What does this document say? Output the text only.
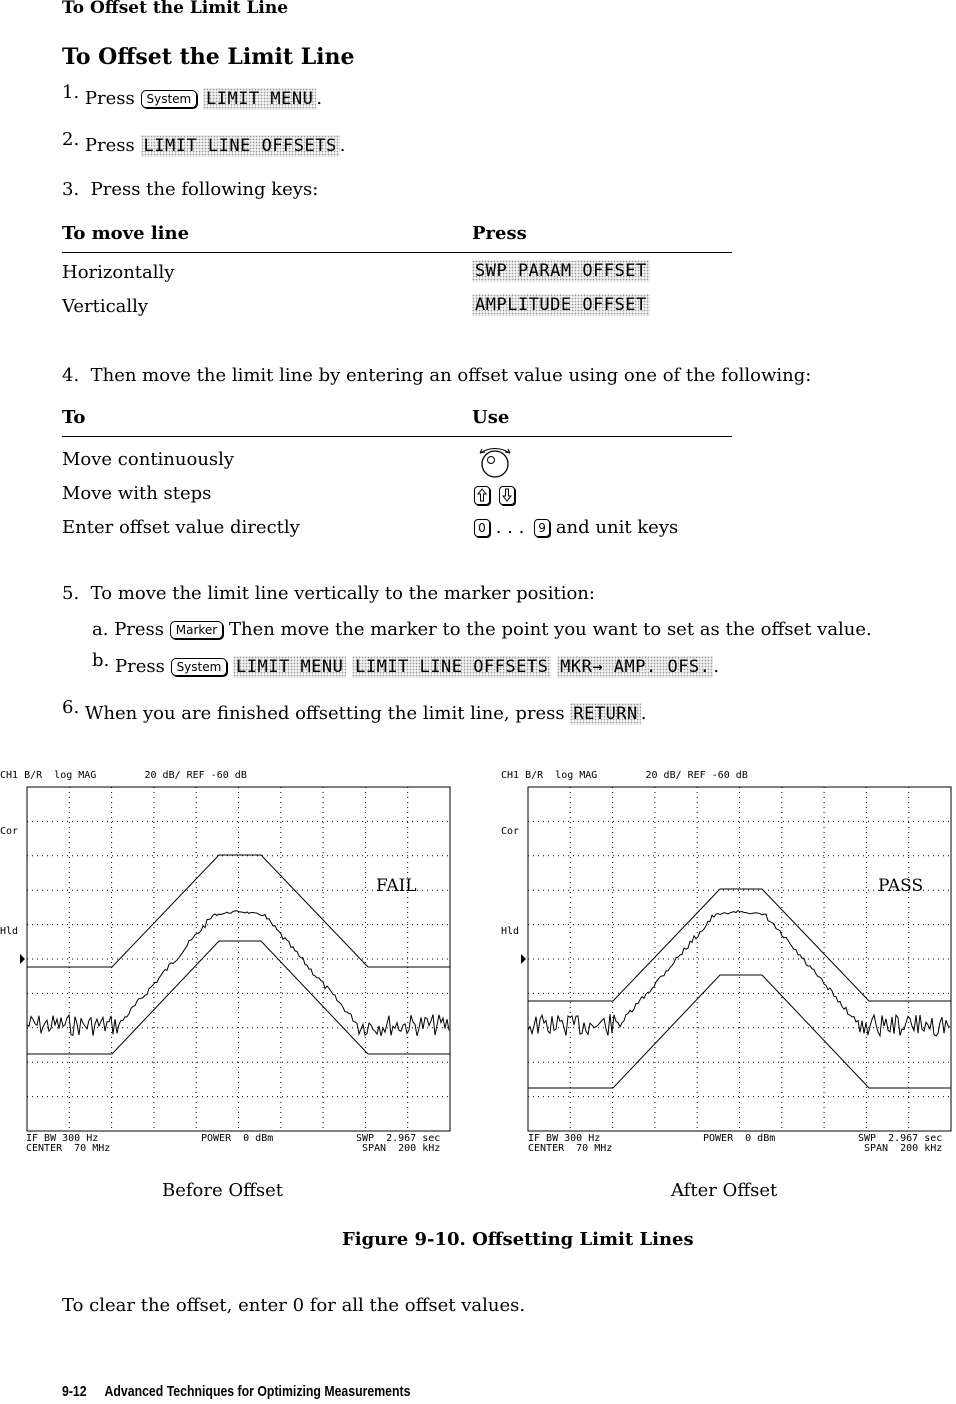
To Offset the Limit Line
To Offset the Limit Line
1. Press System LIMIT MENU .
2. Press LIMIT LINE OFFSETS .
3.  Press the following keys:
To move line	Press
Horizontally	SWP PARAM OFFSET
Vertically	AMPLITUDE OFFSET
4.  Then move the limit line by entering an offset value using one of the following:
To	Use
Move continuously
Move with steps

Enter offset value directly	0 . . . 9 and unit keys
5.  To move the limit line vertically to the marker position:
a. Press Marker Then move the marker to the point you want to set as the offset value.
b. Press System LIMIT MENU LIMIT LINE OFFSETS MKR→ AMP. OFS. .
6. When you are finished offsetting the limit line, press RETURN .
CH1 B/R  log MAG        20 dB/ REF -60 dB
Cor
Hld
FAIL
IF BW 300 Hz
CENTER  70 MHz
POWER  0 dBm	SWP  2.967 sec
SPAN  200 kHz
Before Offset
CH1 B/R  log MAG        20 dB/ REF -60 dB
Cor
Hld
PASS
IF BW 300 Hz
CENTER  70 MHz
POWER  0 dBm	SWP  2.967 sec
SPAN  200 kHz
After Offset
Figure 9-10. Offsetting Limit Lines
To clear the offset, enter 0 for all the offset values.
9-12 Advanced Techniques for Optimizing Measurements
